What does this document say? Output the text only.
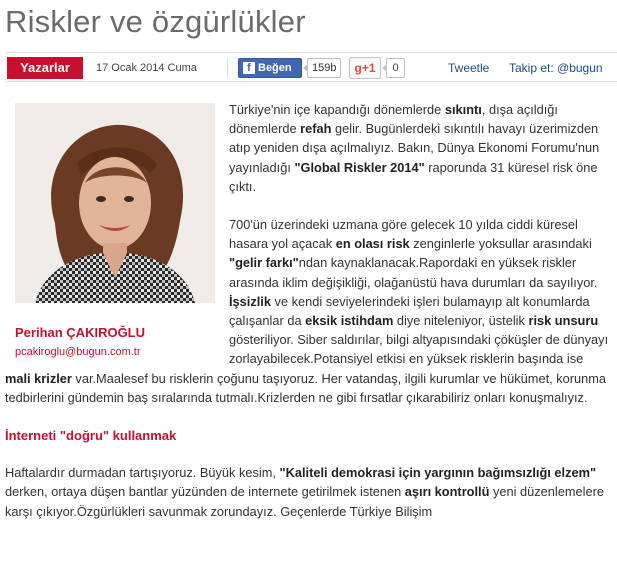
Riskler ve özgürlükler
Yazarlar	17 Ocak 2014 Cuma	f Beğen	159b	g+1	0	Tweetle Takip et: @bugun

Türkiye'nin içe kapandığı dönemlerde sıkıntı, dışa açıldığı dönemlerde refah gelir. Bugünlerdeki sıkıntılı havayı üzerimizden atıp yeniden dışa açılmalıyız. Bakın, Dünya Ekonomi Forumu'nun yayınladığı "Global Riskler 2014" raporunda 31 küresel risk öne çıktı.

700'ün üzerindeki uzmana göre gelecek 10 yılda ciddi küresel hasara yol açacak en olası risk zenginlerle yoksullar arasındaki "gelir farkı"ndan kaynaklanacak.Rapordaki en yüksek riskler arasında iklim değişikliği, olağanüstü hava durumları da sayılıyor. İşsizlik ve kendi seviyelerindeki işleri bulamayıp alt konumlarda çalışanlar da eksik istihdam diye niteleniyor, üstelik risk unsuru gösteriliyor. Siber saldırılar, bilgi altyapısındaki çöküşler de dünyayı zorlayabilecek.Potansiyel etkisi en yüksek risklerin başında ise mali krizler var.Maalesef bu risklerin çoğunu taşıyoruz. Her vatandaş, ilgili kurumlar ve hükümet, korunma tedbirlerini gündemin baş sıralarında tutmalı.Krizlerden ne gibi fırsatlar çıkarabiliriz onları konuşmalıyız.

İnterneti "doğru" kullanmak

Haftalardır durmadan tartışıyoruz. Büyük kesim, "Kaliteli demokrasi için yargının bağımsızlığı elzem" derken, ortaya düşen bantlar yüzünden de internete getirilmek istenen aşırı kontrollü yeni düzenlemelere karşı çıkıyor.Özgürlükleri savunmak zorundayız. Geçenlerde Türkiye Bilişim

Perihan ÇAKIROĞLU
pcakiroglu@bugun.com.tr
